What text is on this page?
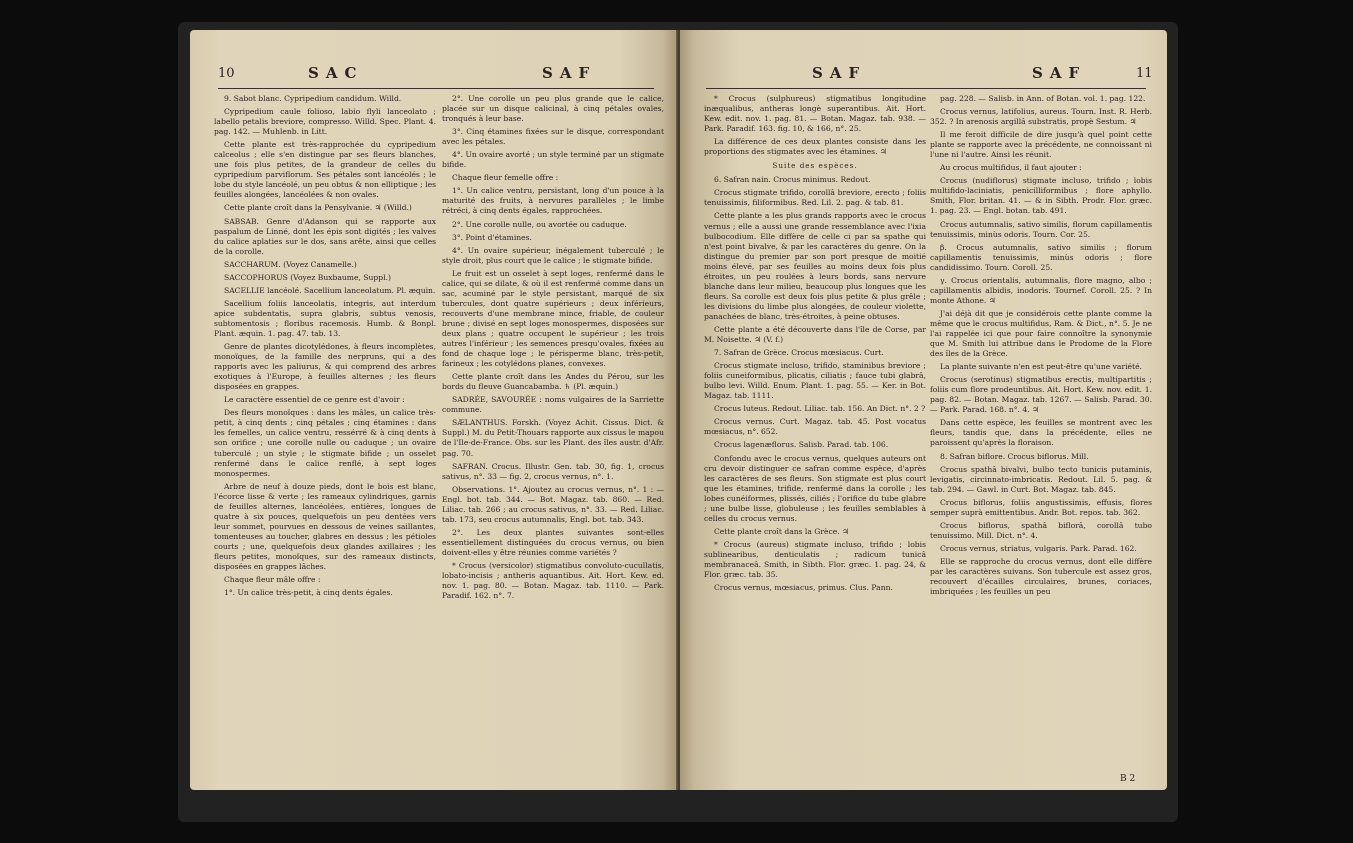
10	SAC	SAF

9. Sabot blanc. Cypripedium candidum. Willd.

Cypripedium caule folioso, labio flyli lanceolato ; labello petalis breviore, compresso. Willd. Spec. Plant. 4. pag. 142. — Muhlenb. in Litt.

Cette plante est très-rapprochée du cypripedium calceolus ; elle s'en distingue par ses fleurs blanches, une fois plus petites, de la grandeur de celles du cypripedium parviflorum. Ses pétales sont lancéolés ; le lobe du style lancéolé, un peu obtus & non elliptique ; les feuilles alongées, lancéolées & non ovales.

Cette plante croît dans la Pensylvanie. ♃ (Willd.)

SABSAB. Genre d'Adanson qui se rapporte aux paspalum de Linné, dont les épis sont digités ; les valves du calice aplaties sur le dos, sans arête, ainsi que celles de la corolle.

SACCHARUM. (Voyez Canamelle.)

SACCOPHORUS (Voyez Buxbaume, Suppl.)

SACELLIE lancéolé. Sacellium lanceolatum. Pl. æquin.

Sacellium foliis lanceolatis, integris, aut interdum apice subdentatis, supra glabris, subtus venosis, subtomentosis ; floribus racemosis. Humb. & Bonpl. Plant. æquin. 1. pag. 47. tab. 13.

Genre de plantes dicotylédones, à fleurs incomplètes, monoïques, de la famille des nerpruns, qui a des rapports avec les paliurus, & qui comprend des arbres exotiques à l'Europe, à feuilles alternes ; les fleurs disposées en grappes.

Le caractère essentiel de ce genre est d'avoir :

Des fleurs monoïques : dans les mâles, un calice très-petit, à cinq dents ; cinq pétales ; cinq étamines : dans les femelles, un calice ventru, ressérré & à cinq dents à son orifice ; une corolle nulle ou caduque ; un ovaire tuberculé ; un style ; le stigmate bifide ; un osselet renfermé dans le calice renflé, à sept loges monospermes.

Arbre de neuf à douze pieds, dont le bois est blanc, l'écorce lisse & verte ; les rameaux cylindriques, garnis de feuilles alternes, lancéolées, entières, longues de quatre à six pouces, quelquefois un peu dentées vers leur sommet, pourvues en dessous de veines saillantes, tomenteuses au toucher, glabres en dessus ; les pétioles courts ; une, quelquefois deux glandes axillaires ; les fleurs petites, monoïques, sur des rameaux distincts, disposées en grappes lâches.

Chaque fleur mâle offre :

1°. Un calice très-petit, à cinq dents égales.

2°. Une corolle un peu plus grande que le calice, placée sur un disque calicinal, à cinq pétales ovales, tronqués à leur base.

3°. Cinq étamines fixées sur le disque, correspondant avec les pétales.

4°. Un ovaire avorté ; un style terminé par un stigmate bifide.

Chaque fleur femelle offre :

1°. Un calice ventru, persistant, long d'un pouce à la maturité des fruits, à nervures parallèles ; le limbe rétréci, à cinq dents égales, rapprochées.

2°. Une corolle nulle, ou avortée ou caduque.

3°. Point d'étamines.

4°. Un ovaire supérieur, inégalement tuberculé ; le style droit, plus court que le calice ; le stigmate bifide.

Le fruit est un osselet à sept loges, renfermé dans le calice, qui se dilate, & où il est renfermé comme dans un sac, acuminé par le style persistant, marqué de six tubercules, dont quatre supérieurs ; deux inférieurs, recouverts d'une membrane mince, friable, de couleur brune ; divisé en sept loges monospermes, disposées sur deux plans ; quatre occupent le supérieur ; les trois autres l'inférieur ; les semences presqu'ovales, fixées au fond de chaque loge ; le périsperme blanc, très-petit, farineux ; les cotylédons planes, convexes.

Cette plante croît dans les Andes du Pérou, sur les bords du fleuve Guancabamba. ♄ (Pl. æquin.)

SADRÉE, SAVOURÉE : noms vulgaires de la Sarriette commune.

SÆLANTHUS. Forskh. (Voyez Achit. Cissus. Dict. & Suppl.) M. du Petit-Thouars rapporte aux cissus le mapou de l'Ile-de-France. Obs. sur les Plant. des îles austr. d'Afr. pag. 70.

SAFRAN. Crocus. Illustr. Gen. tab. 30, fig. 1, crocus sativus, n°. 33 — fig. 2, crocus vernus, n°. 1.

Observations. 1°. Ajoutez au crocus vernus, n°. 1 : — Engl. bot. tab. 344. — Bot. Magaz. tab. 860. — Red. Liliac. tab. 266 ; au crocus sativus, n°. 33. — Red. Liliac. tab. 173, seu crocus autumnalis, Engl. bot. tab. 343.

2°. Les deux plantes suivantes sont-elles essentiellement distinguées du crocus vernus, ou bien doivent-elles y être réunies comme variétés ?

* Crocus (versicolor) stigmatibus convoluto-cucullatis, lobato-incisis ; antheris aquantibus. Ait. Hort. Kew. ed. nov. 1. pag. 80. — Botan. Magaz. tab. 1110. — Park. Paradif. 162. n°. 7.

SAF	SAF	11

* Crocus (sulphureus) stigmatibus longitudine inæqualibus, antheras longè superantibus. Ait. Hort. Kew. edit. nov. 1. pag. 81. — Botan. Magaz. tab. 938. — Park. Paradif. 163. fig. 10, & 166, n°. 25.

La différence de ces deux plantes consiste dans les proportions des stigmates avec les étamines. ♃

Suite des espèces.

6. Safran nain. Crocus minimus. Redout.

Crocus stigmate trifido, corollâ breviore, erecto ; foliis tenuissimis, filiformibus. Red. Lil. 2. pag. & tab. 81.

Cette plante a les plus grands rapports avec le crocus vernus ; elle a aussi une grande ressemblance avec l'ixia bulbocodium. Elle diffère de celle ci par sa spathe qui n'est point bivalve, & par les caractères du genre. On la distingue du premier par son port presque de moitié moins élevé, par ses feuilles au moins deux fois plus étroites, un peu roulées à leurs bords, sans nervure blanche dans leur milieu, beaucoup plus longues que les fleurs. Sa corolle est deux fois plus petite & plus grêle ; les divisions du limbe plus alongées, de couleur violette, panachées de blanc, très-étroites, à peine obtuses.

Cette plante a été découverte dans l'île de Corse, par M. Noisette. ♃ (V. f.)

7. Safran de Grèce. Crocus mœsiacus. Curt.

Crocus stigmate incluso, trifido, staminibus breviore ; foliis cuneiformibus, plicatis, ciliatis ; fauce tubi glabrâ, bulbo levi. Willd. Enum. Plant. 1. pag. 55. — Ker. in Bot. Magaz. tab. 1111.

Crocus luteus. Redout. Liliac. tab. 156. An Dict. n°. 2 ?

Crocus vernus. Curt. Magaz. tab. 45. Post vocatus mœsiacus, n°. 652.

Crocus lagenæflorus. Salisb. Parad. tab. 106.

Confondu avec le crocus vernus, quelques auteurs ont cru devoir distinguer ce safran comme espèce, d'après les caractères de ses fleurs. Son stigmate est plus court que les étamines, trifide, renfermé dans la corolle ; les lobes cunéiformes, plissés, ciliés ; l'orifice du tube glabre ; une bulbe lisse, globuleuse ; les feuilles semblables à celles du crocus vernus.

Cette plante croît dans la Grèce. ♃

* Crocus (aureus) stigmate incluso, trifido ; lobis sublinearibus, denticulatis ; radicum tunicâ membranaceâ. Smith, in Sibth. Flor. græc. 1. pag. 24, & Flor. græc. tab. 35.

Crocus vernus, mœsiacus, primus. Clus. Pann.

pag. 228. — Salisb. in Ann. of Botan. vol. 1. pag. 122.

Crocus vernus, latifolius, aureus. Tourn. Inst. R. Herb. 352. ? In arenosis argillâ substratis, propè Sestum. ♃

Il me feroit difficile de dire jusqu'à quel point cette plante se rapporte avec la précédente, ne connoissant ni l'une ni l'autre. Ainsi les réunit.

Au crocus multifidus, il faut ajouter :

Crocus (nudiflorus) stigmate incluso, trifido ; lobis multifido-laciniatis, penicilliformibus ; flore aphyllo. Smith, Flor. britan. 41. — & in Sibth. Prodr. Flor. græc. 1. pag. 23. — Engl. botan. tab. 491.

Crocus autumnalis, sativo similis, florum capillamentis tenuissimis, minùs odoris. Tourn. Cor. 25.

β. Crocus autumnalis, sativo similis ; florum capillamentis tenuissimis, minùs odoris ; flore candidissimo. Tourn. Coroll. 25.

γ. Crocus orientalis, autumnalis, flore magno, albo ; capillamentis albidis, inodoris. Tournef. Coroll. 25. ? In monte Athone. ♃

J'ai déjà dit que je considérois cette plante comme la même que le crocus multifidus, Ram. & Dict., n°. 5. Je ne l'ai rappelée ici que pour faire connoître la synonymie que M. Smith lui attribue dans le Prodome de la Flore des îles de la Grèce.

La plante suivante n'en est peut-être qu'une variété.

Crocus (serotinus) stigmatibus erectis, multipartitis ; foliis cum flore prodeuntibus. Ait. Hort. Kew. nov. edit. 1. pag. 82. — Botan. Magaz. tab. 1267. — Salisb. Parad. 30. — Park. Parad. 168. n°. 4. ♃

Dans cette espèce, les feuilles se montrent avec les fleurs, tandis que, dans la précédente, elles ne paroissent qu'après la floraison.

8. Safran biflore. Crocus biflorus. Mill.

Crocus spathâ bivalvi, bulbo tecto tunicis putaminis, levigatis, circinnato-imbricatis. Redout. Lil. 5. pag. & tab. 294. — Gawl. in Curt. Bot. Magaz. tab. 845.

Crocus biflorus, foliis angustissimis, effusis, flores semper suprà emittentibus. Andr. Bot. repos. tab. 362.

Crocus biflorus, spathâ biflorâ, corollâ tubo tenuissimo. Mill. Dict. n°. 4.

Crocus vernus, striatus, vulgaris. Park. Parad. 162.

Elle se rapproche du crocus vernus, dont elle diffère par les caractères suivans. Son tubercule est assez gros, recouvert d'écailles circulaires, brunes, coriaces, imbriquées ; les feuilles un peu

B 2
